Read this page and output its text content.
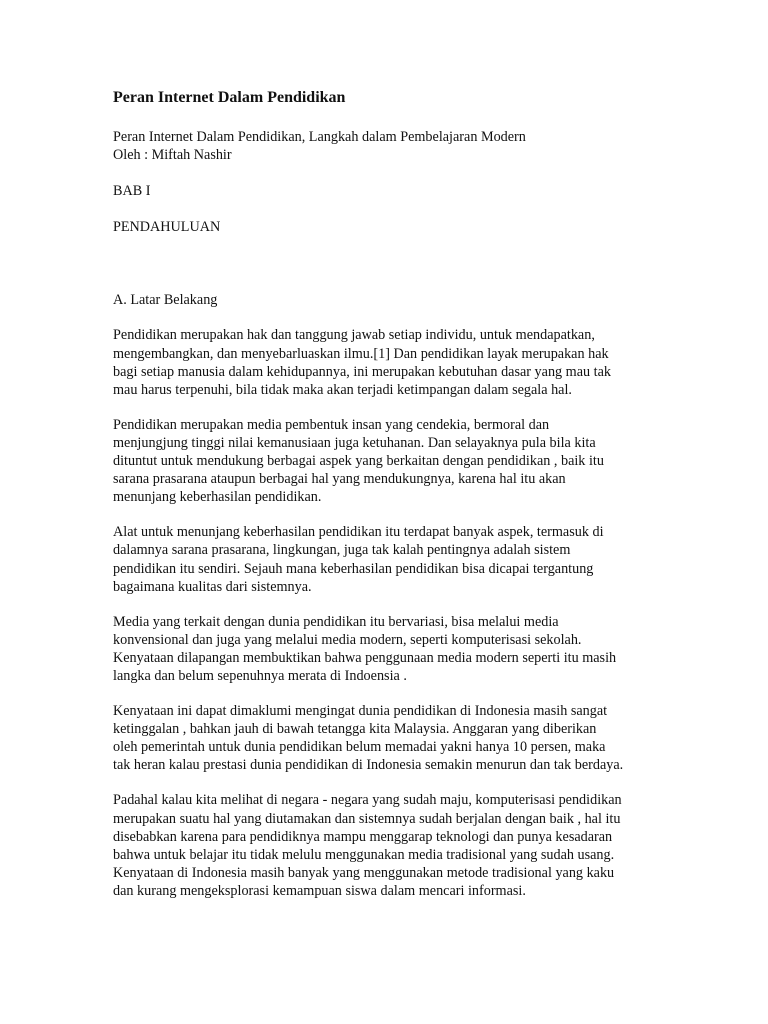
Peran Internet Dalam Pendidikan
Peran Internet Dalam Pendidikan, Langkah dalam Pembelajaran Modern
Oleh : Miftah Nashir
BAB I
PENDAHULUAN
A. Latar Belakang
Pendidikan merupakan hak dan tanggung jawab setiap individu, untuk mendapatkan,
mengembangkan, dan menyebarluaskan ilmu.[1] Dan pendidikan layak merupakan hak
bagi setiap manusia dalam kehidupannya, ini merupakan kebutuhan dasar yang mau tak
mau harus terpenuhi, bila tidak maka akan terjadi ketimpangan dalam segala hal.
Pendidikan merupakan media pembentuk insan yang cendekia, bermoral dan
menjungjung tinggi nilai kemanusiaan juga ketuhanan. Dan selayaknya pula bila kita
dituntut untuk mendukung berbagai aspek yang berkaitan dengan pendidikan , baik itu
sarana prasarana ataupun berbagai hal yang mendukungnya, karena hal itu akan
menunjang keberhasilan pendidikan.
Alat untuk menunjang keberhasilan pendidikan itu terdapat banyak aspek, termasuk di
dalamnya sarana prasarana, lingkungan, juga tak kalah pentingnya adalah sistem
pendidikan itu sendiri. Sejauh mana keberhasilan pendidikan bisa dicapai tergantung
bagaimana kualitas dari sistemnya.
Media yang terkait dengan dunia pendidikan itu bervariasi, bisa melalui media
konvensional dan juga yang melalui media modern, seperti komputerisasi sekolah.
Kenyataan dilapangan membuktikan bahwa penggunaan media modern seperti itu masih
langka dan belum sepenuhnya merata di Indoensia .
Kenyataan ini dapat dimaklumi mengingat dunia pendidikan di Indonesia masih sangat
ketinggalan , bahkan jauh di bawah tetangga kita Malaysia. Anggaran yang diberikan
oleh pemerintah untuk dunia pendidikan belum memadai yakni hanya 10 persen, maka
tak heran kalau prestasi dunia pendidikan di Indonesia semakin menurun dan tak berdaya.
Padahal kalau kita melihat di negara - negara yang sudah maju, komputerisasi pendidikan
merupakan suatu hal yang diutamakan dan sistemnya sudah berjalan dengan baik , hal itu
disebabkan karena para pendidiknya mampu menggarap teknologi dan punya kesadaran
bahwa untuk belajar itu tidak melulu menggunakan media tradisional yang sudah usang.
Kenyataan di Indonesia masih banyak yang menggunakan metode tradisional yang kaku
dan kurang mengeksplorasi kemampuan siswa dalam mencari informasi.
